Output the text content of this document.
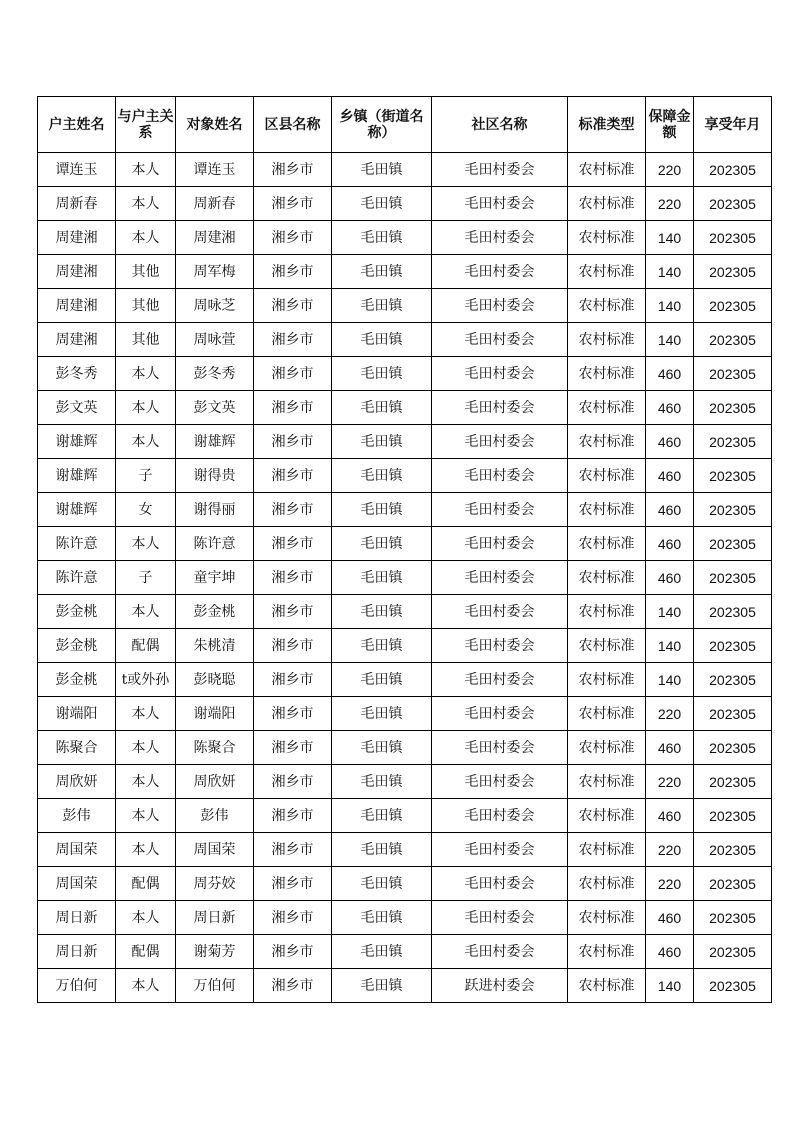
户主姓名	与户主关系	对象姓名	区县名称	乡镇（街道名称）	社区名称	标准类型	保障金额	享受年月

谭连玉	本人	谭连玉	湘乡市	毛田镇	毛田村委会	农村标准	220	202305

周新春	本人	周新春	湘乡市	毛田镇	毛田村委会	农村标准	220	202305

周建湘	本人	周建湘	湘乡市	毛田镇	毛田村委会	农村标准	140	202305

周建湘	其他	周军梅	湘乡市	毛田镇	毛田村委会	农村标准	140	202305

周建湘	其他	周咏芝	湘乡市	毛田镇	毛田村委会	农村标准	140	202305

周建湘	其他	周咏萱	湘乡市	毛田镇	毛田村委会	农村标准	140	202305

彭冬秀	本人	彭冬秀	湘乡市	毛田镇	毛田村委会	农村标准	460	202305

彭文英	本人	彭文英	湘乡市	毛田镇	毛田村委会	农村标准	460	202305

谢雄辉	本人	谢雄辉	湘乡市	毛田镇	毛田村委会	农村标准	460	202305

谢雄辉	子	谢得贵	湘乡市	毛田镇	毛田村委会	农村标准	460	202305

谢雄辉	女	谢得丽	湘乡市	毛田镇	毛田村委会	农村标准	460	202305

陈许意	本人	陈许意	湘乡市	毛田镇	毛田村委会	农村标准	460	202305

陈许意	子	童宇坤	湘乡市	毛田镇	毛田村委会	农村标准	460	202305

彭金桃	本人	彭金桃	湘乡市	毛田镇	毛田村委会	农村标准	140	202305

彭金桃	配偶	朱桃清	湘乡市	毛田镇	毛田村委会	农村标准	140	202305

彭金桃	t或外孙	彭晓聪	湘乡市	毛田镇	毛田村委会	农村标准	140	202305

谢端阳	本人	谢端阳	湘乡市	毛田镇	毛田村委会	农村标准	220	202305

陈聚合	本人	陈聚合	湘乡市	毛田镇	毛田村委会	农村标准	460	202305

周欣妍	本人	周欣妍	湘乡市	毛田镇	毛田村委会	农村标准	220	202305

彭伟	本人	彭伟	湘乡市	毛田镇	毛田村委会	农村标准	460	202305

周国荣	本人	周国荣	湘乡市	毛田镇	毛田村委会	农村标准	220	202305

周国荣	配偶	周芬姣	湘乡市	毛田镇	毛田村委会	农村标准	220	202305

周日新	本人	周日新	湘乡市	毛田镇	毛田村委会	农村标准	460	202305

周日新	配偶	谢菊芳	湘乡市	毛田镇	毛田村委会	农村标准	460	202305

万伯何	本人	万伯何	湘乡市	毛田镇	跃进村委会	农村标准	140	202305
